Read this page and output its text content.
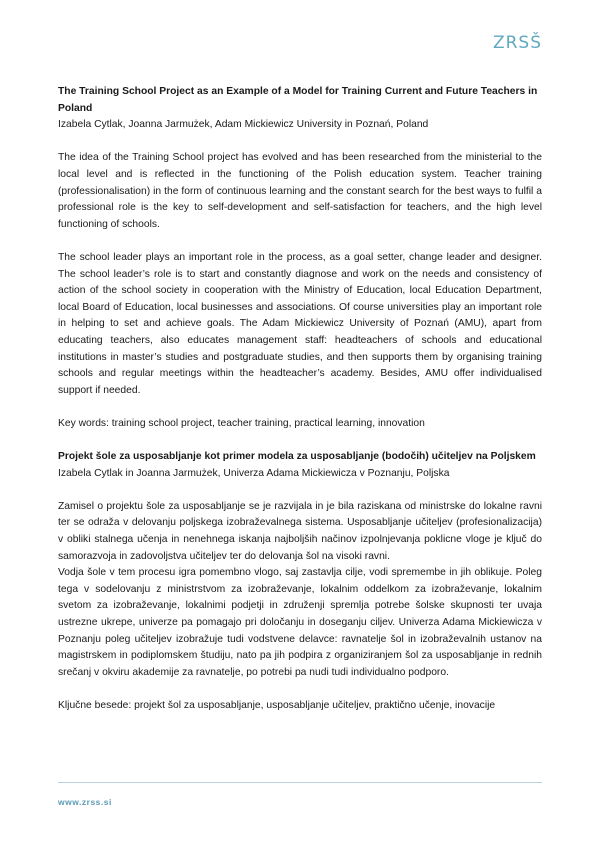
ZRSŠ

The Training School Project as an Example of a Model for Training Current and Future Teachers in Poland

Izabela Cytlak, Joanna Jarmużek, Adam Mickiewicz University in Poznań, Poland

The idea of the Training School project has evolved and has been researched from the ministerial to the local level and is reflected in the functioning of the Polish education system. Teacher training (professionalisation) in the form of continuous learning and the constant search for the best ways to fulfil a professional role is the key to self-development and self-satisfaction for teachers, and the high level functioning of schools.

The school leader plays an important role in the process, as a goal setter, change leader and designer. The school leader’s role is to start and constantly diagnose and work on the needs and consistency of action of the school society in cooperation with the Ministry of Education, local Education Department, local Board of Education, local businesses and associations. Of course universities play an important role in helping to set and achieve goals. The Adam Mickiewicz University of Poznań (AMU), apart from educating teachers, also educates management staff: headteachers of schools and educational institutions in master’s studies and postgraduate studies, and then supports them by organising training schools and regular meetings within the headteacher’s academy. Besides, AMU offer individualised support if needed.

Key words: training school project, teacher training, practical learning, innovation

Projekt šole za usposabljanje kot primer modela za usposabljanje (bodočih) učiteljev na Poljskem

Izabela Cytlak in Joanna Jarmużek, Univerza Adama Mickiewicza v Poznanju, Poljska

Zamisel o projektu šole za usposabljanje se je razvijala in je bila raziskana od ministrske do lokalne ravni ter se odraža v delovanju poljskega izobraževalnega sistema. Usposabljanje učiteljev (profesionalizacija) v obliki stalnega učenja in nenehnega iskanja najboljših načinov izpolnjevanja poklicne vloge je ključ do samorazvoja in zadovoljstva učiteljev ter do delovanja šol na visoki ravni.

Vodja šole v tem procesu igra pomembno vlogo, saj zastavlja cilje, vodi spremembe in jih oblikuje. Poleg tega v sodelovanju z ministrstvom za izobraževanje, lokalnim oddelkom za izobraževanje, lokalnim svetom za izobraževanje, lokalnimi podjetji in združenji spremlja potrebe šolske skupnosti ter uvaja ustrezne ukrepe, univerze pa pomagajo pri določanju in doseganju ciljev. Univerza Adama Mickiewicza v Poznanju poleg učiteljev izobražuje tudi vodstvene delavce: ravnatelje šol in izobraževalnih ustanov na magistrskem in podiplomskem študiju, nato pa jih podpira z organiziranjem šol za usposabljanje in rednih srečanj v okviru akademije za ravnatelje, po potrebi pa nudi tudi individualno podporo.

Ključne besede: projekt šol za usposabljanje, usposabljanje učiteljev, praktično učenje, inovacije

www.zrss.si
